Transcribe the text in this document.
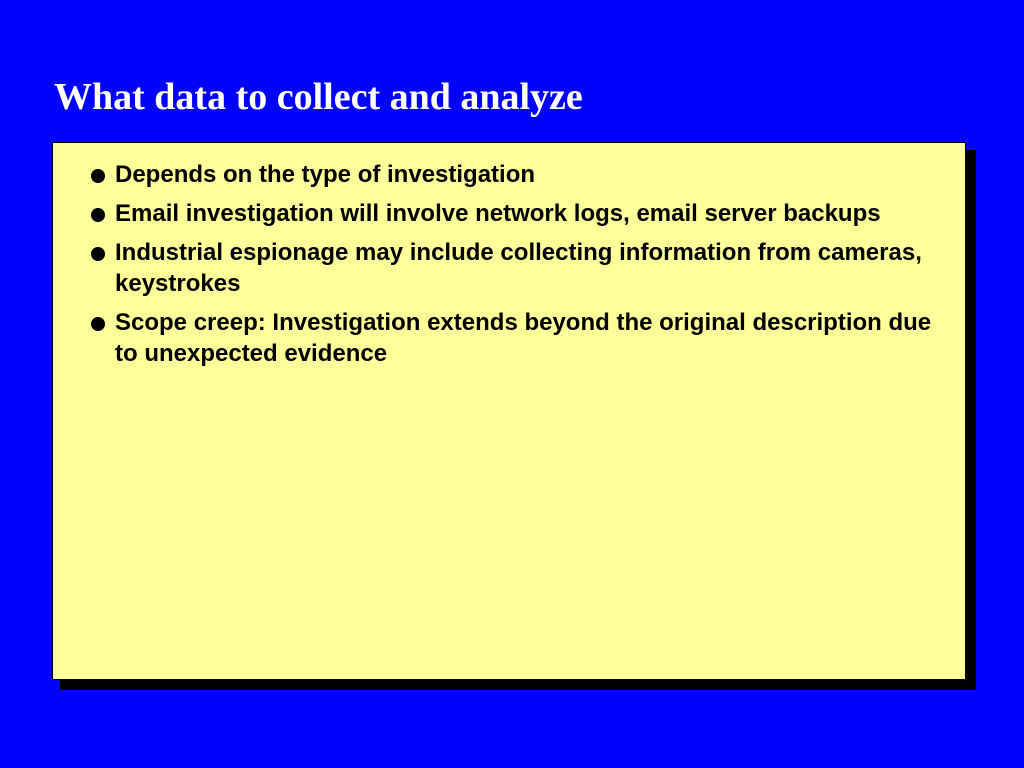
What data to collect and analyze
Depends on the type of investigation
Email investigation will involve network logs, email server backups
Industrial espionage may include collecting information from cameras, keystrokes
Scope creep: Investigation extends beyond the original description due to unexpected evidence
